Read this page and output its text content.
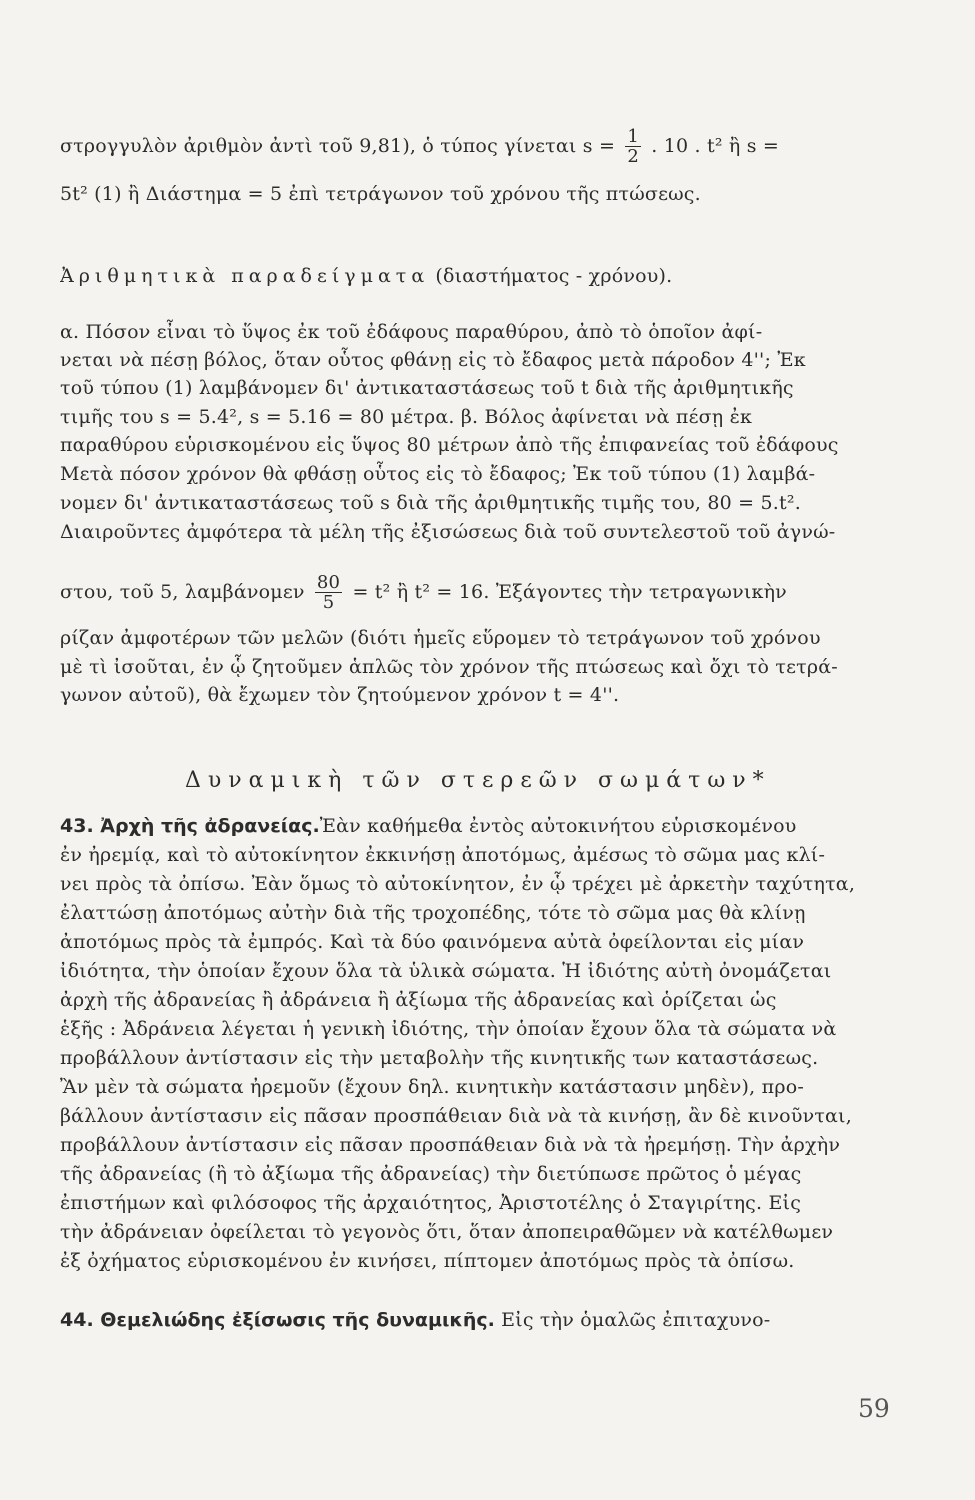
στρογγυλὸν ἀριθμὸν ἀντὶ τοῦ 9,81), ὁ τύπος γίνεται $s = \frac{1}{2}$ . 10 . t² ἢ s =
5t² (1) ἢ Διάστημα = 5 ἐπὶ τετράγωνον τοῦ χρόνου τῆς πτώσεως.
Ἀριθμητικὰ παραδείγματα (διαστήματος - χρόνου).
α. Πόσον εἶναι τὸ ὕψος ἐκ τοῦ ἐδάφους παραθύρου, ἀπὸ τὸ ὁποῖον ἀφί-
νεται νὰ πέσῃ βόλος, ὅταν οὗτος φθάνῃ εἰς τὸ ἔδαφος μετὰ πάροδον 4''; Ἐκ
τοῦ τύπου (1) λαμβάνομεν δι' ἀντικαταστάσεως τοῦ t διὰ τῆς ἀριθμητικῆς
τιμῆς του s = 5.4², s = 5.16 = 80 μέτρα. β. Βόλος ἀφίνεται νὰ πέσῃ ἐκ
παραθύρου εὑρισκομένου εἰς ὕψος 80 μέτρων ἀπὸ τῆς ἐπιφανείας τοῦ ἐδάφους
Μετὰ πόσον χρόνον θὰ φθάσῃ οὗτος εἰς τὸ ἔδαφος; Ἐκ τοῦ τύπου (1) λαμβά-
νομεν δι' ἀντικαταστάσεως τοῦ s διὰ τῆς ἀριθμητικῆς τιμῆς του, 80 = 5.t².
Διαιροῦντες ἀμφότερα τὰ μέλη τῆς ἐξισώσεως διὰ τοῦ συντελεστοῦ τοῦ ἀγνώ-
στου, τοῦ 5, λαμβάνομεν $\frac{80}{5} = t^2$ ἢ t² = 16. Ἐξάγοντες τὴν τετραγωνικὴν
ρίζαν ἀμφοτέρων τῶν μελῶν (διότι ἡμεῖς εὕρομεν τὸ τετράγωνον τοῦ χρόνου
μὲ τὶ ἰσοῦται, ἐν ᾧ ζητοῦμεν ἁπλῶς τὸν χρόνον τῆς πτώσεως καὶ ὄχι τὸ τετρά-
γωνον αὐτοῦ), θὰ ἔχωμεν τὸν ζητούμενον χρόνον t = 4''.
Δυναμικὴ τῶν στερεῶν σωμάτων*
43. Ἀρχὴ τῆς ἀδρανείας.Ἐὰν καθήμεθα ἐντὸς αὐτοκινήτου εὑρισκομένου
ἐν ἠρεμίᾳ, καὶ τὸ αὐτοκίνητον ἐκκινήσῃ ἀποτόμως, ἀμέσως τὸ σῶμα μας κλί-
νει πρὸς τὰ ὀπίσω. Ἐὰν ὅμως τὸ αὐτοκίνητον, ἐν ᾧ τρέχει μὲ ἀρκετὴν ταχύτητα,
ἐλαττώσῃ ἀποτόμως αὐτὴν διὰ τῆς τροχοπέδης, τότε τὸ σῶμα μας θὰ κλίνῃ
ἀποτόμως πρὸς τὰ ἐμπρός. Καὶ τὰ δύο φαινόμενα αὐτὰ ὀφείλονται εἰς μίαν
ἰδιότητα, τὴν ὁποίαν ἔχουν ὅλα τὰ ὑλικὰ σώματα. Ἡ ἰδιότης αὐτὴ ὀνομάζεται
ἀρχὴ τῆς ἀδρανείας ἢ ἀδράνεια ἢ ἀξίωμα τῆς ἀδρανείας καὶ ὁρίζεται ὡς
ἑξῆς : Ἀδράνεια λέγεται ἡ γενικὴ ἰδιότης, τὴν ὁποίαν ἔχουν ὅλα τὰ σώματα νὰ
προβάλλουν ἀντίστασιν εἰς τὴν μεταβολὴν τῆς κινητικῆς των καταστάσεως.
Ἂν μὲν τὰ σώματα ἠρεμοῦν (ἔχουν δηλ. κινητικὴν κατάστασιν μηδὲν), προ-
βάλλουν ἀντίστασιν εἰς πᾶσαν προσπάθειαν διὰ νὰ τὰ κινήσῃ, ἂν δὲ κινοῦνται,
προβάλλουν ἀντίστασιν εἰς πᾶσαν προσπάθειαν διὰ νὰ τὰ ἠρεμήσῃ. Τὴν ἀρχὴν
τῆς ἀδρανείας (ἢ τὸ ἀξίωμα τῆς ἀδρανείας) τὴν διετύπωσε πρῶτος ὁ μέγας
ἐπιστήμων καὶ φιλόσοφος τῆς ἀρχαιότητος, Ἀριστοτέλης ὁ Σταγιρίτης. Εἰς
τὴν ἀδράνειαν ὀφείλεται τὸ γεγονὸς ὅτι, ὅταν ἀποπειραθῶμεν νὰ κατέλθωμεν
ἐξ ὀχήματος εὑρισκομένου ἐν κινήσει, πίπτομεν ἀποτόμως πρὸς τὰ ὀπίσω.
44. Θεμελιώδης ἐξίσωσις τῆς δυναμικῆς. Εἰς τὴν ὁμαλῶς ἐπιταχυνο-
59
